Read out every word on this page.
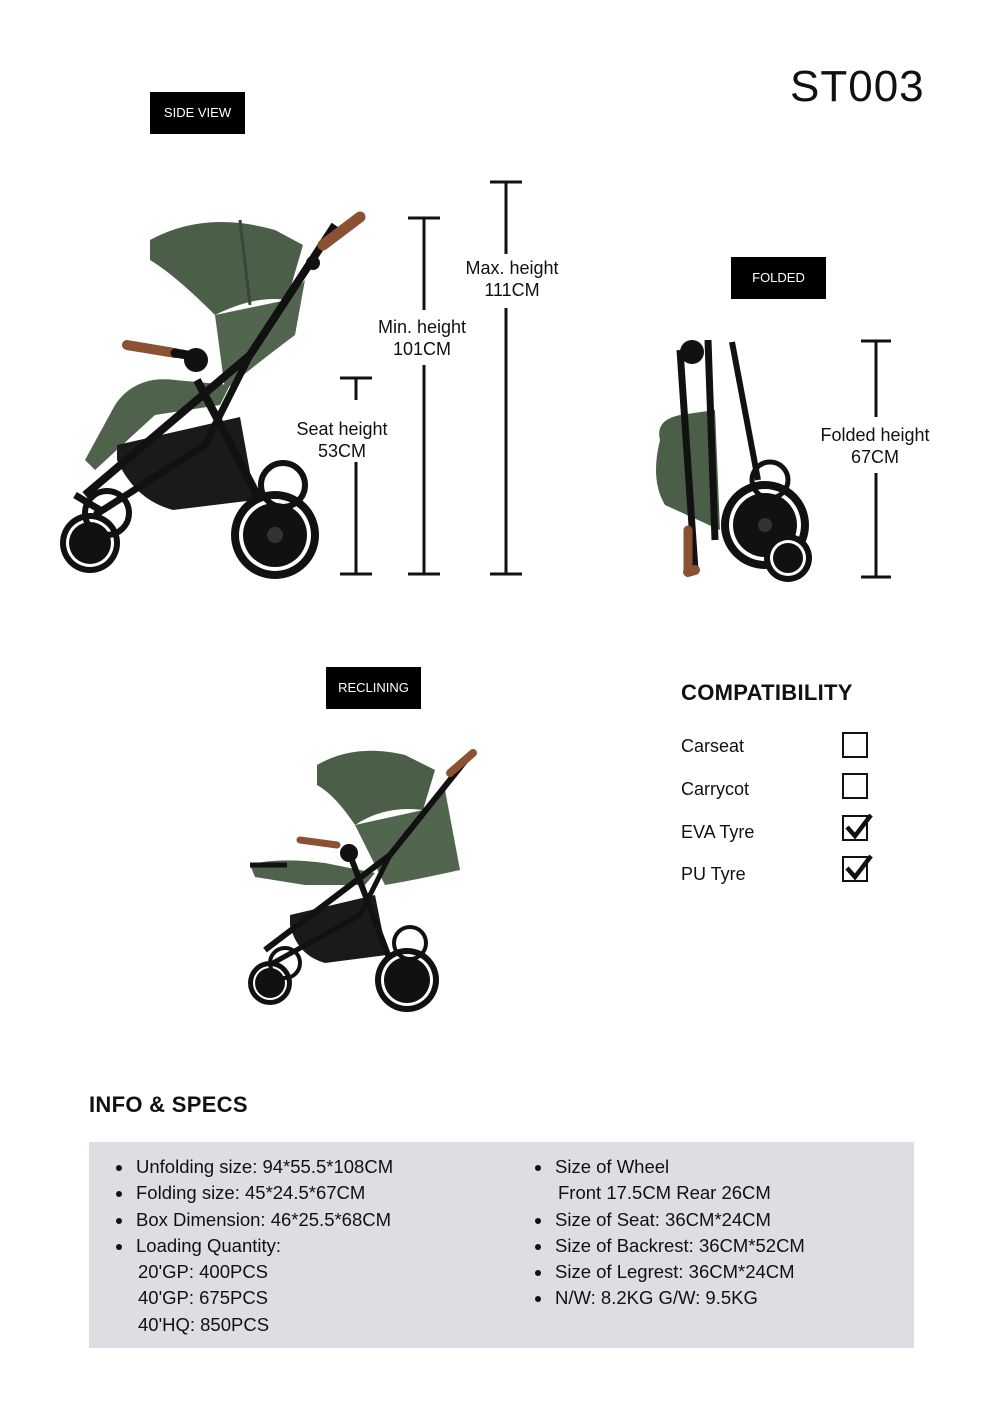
ST003
SIDE VIEW
FOLDED
RECLINING
Seat height
53CM
Min. height
101CM
Max. height
111CM
Folded height
67CM
COMPATIBILITY
Carseat
Carrycot
EVA Tyre
PU Tyre
INFO & SPECS
Unfolding size: 94*55.5*108CM
Folding size: 45*24.5*67CM
Box Dimension: 46*25.5*68CM
Loading Quantity:
20'GP: 400PCS
40'GP: 675PCS
40'HQ: 850PCS
Size of Wheel
Front 17.5CM Rear 26CM
Size of Seat: 36CM*24CM
Size of Backrest: 36CM*52CM
Size of Legrest: 36CM*24CM
N/W: 8.2KG G/W: 9.5KG
